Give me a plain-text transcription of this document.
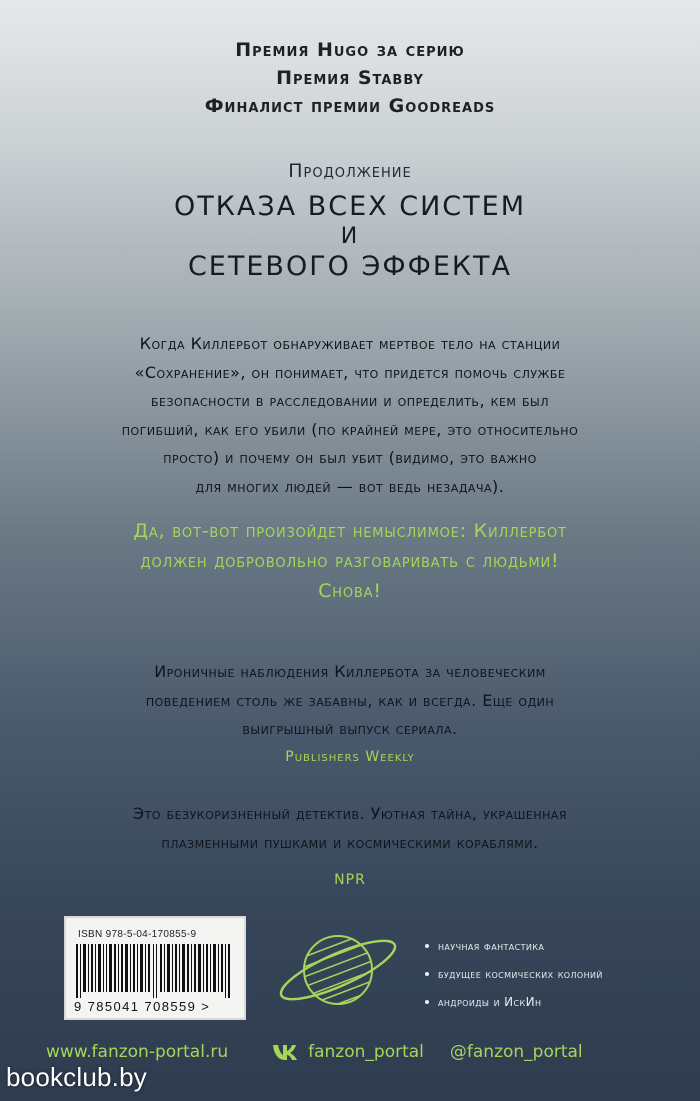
Премия Hugo за серию
Премия Stabby
Финалист премии Goodreads
Продолжение
ОТКАЗА ВСЕХ СИСТЕМ
И
СЕТЕВОГО ЭФФЕКТА
Когда Киллербот обнаруживает мертвое тело на станции
«Сохранение», он понимает, что придется помочь службе
безопасности в расследовании и определить, кем был
погибший, как его убили (по крайней мере, это относительно
просто) и почему он был убит (видимо, это важно
для многих людей — вот ведь незадача).
Да, вот-вот произойдет немыслимое: Киллербот
должен добровольно разговаривать с людьми!
Снова!
Ироничные наблюдения Киллербота за человеческим
поведением столь же забавны, как и всегда. Еще один
выигрышный выпуск сериала.
Publishers Weekly
Это безукоризненный детектив. Уютная тайна, украшенная
плазменными пушками и космическими кораблями.
NPR
ISBN 978-5-04-170855-9
9 785041 708559 >
научная фантастика
будущее космических колоний
андроиды и ИскИн
www.fanzon-portal.ru	fanzon_portal @fanzon_portal
bookclub.by
